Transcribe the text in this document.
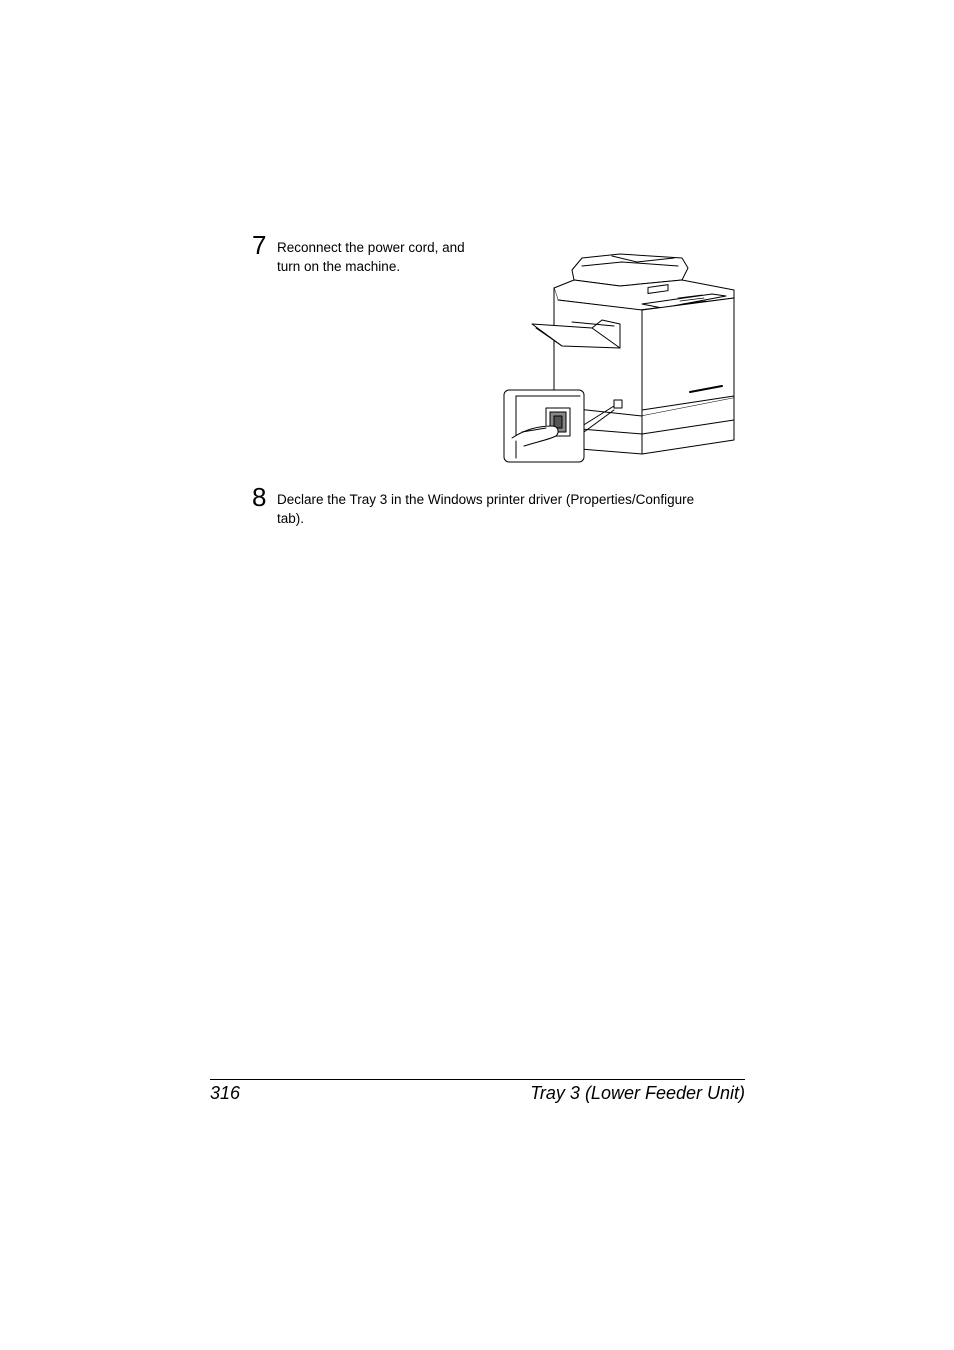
7 Reconnect the power cord, and
turn on the machine.
8 Declare the Tray 3 in the Windows printer driver (Properties/Configure
tab).
316	Tray 3 (Lower Feeder Unit)
